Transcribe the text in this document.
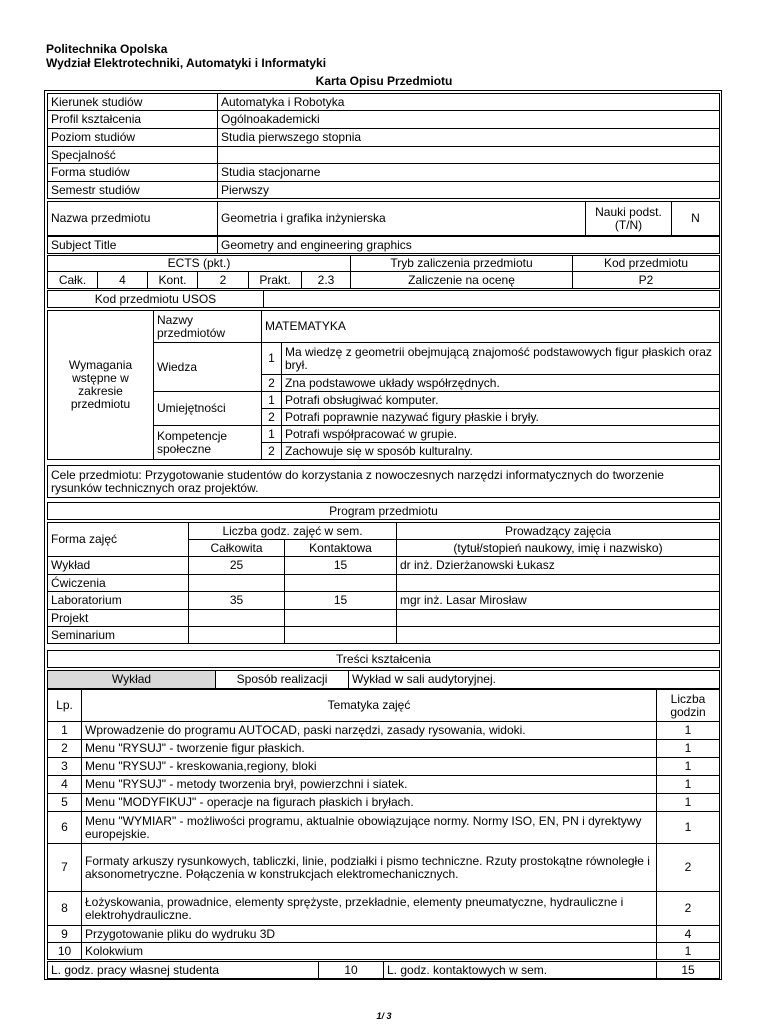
Politechnika Opolska
Wydział Elektrotechniki, Automatyki i Informatyki
Karta Opisu Przedmiotu
Kierunek studiów	Automatyka i Robotyka
Profil kształcenia	Ogólnoakademicki
Poziom studiów	Studia pierwszego stopnia
Specjalność	
Forma studiów	Studia stacjonarne
Semestr studiów	Pierwszy
Nazwa przedmiotu	Geometria i grafika inżynierska	Nauki podst. (T/N)	N
Subject Title	Geometry and engineering graphics
ECTS (pkt.)						Tryb zaliczenia przedmiotu	Kod przedmiotu
Całk.	4	Kont.	2	Prakt.	2.3	Zaliczenie na ocenę	P2
Kod przedmiotu USOS	
Wymagania wstępne w zakresie przedmiotu	Nazwy przedmiotów	MATEMATYKA	
	Wiedza	1	Ma wiedzę z geometrii obejmującą znajomość podstawowych figur płaskich oraz brył.
		2	Zna podstawowe układy współrzędnych.
	Umiejętności	1	Potrafi obsługiwać komputer.
		2	Potrafi poprawnie nazywać figury płaskie i bryły.
	Kompetencje społeczne	1	Potrafi współpracować w grupie.
		2	Zachowuje się w sposób kulturalny.
Cele przedmiotu: Przygotowanie studentów do korzystania z nowoczesnych narzędzi informatycznych do tworzenie rysunków technicznych oraz projektów.
Program przedmiotu
Forma zajęć	Liczba godz. zajęć w sem.		Prowadzący zajęcia
	Całkowita	Kontaktowa	(tytuł/stopień naukowy, imię i nazwisko)
Wykład	25	15	dr inż. Dzierżanowski Łukasz
Ćwiczenia			
Laboratorium	35	15	mgr inż. Lasar Mirosław
Projekt			
Seminarium			
Treści kształcenia
Wykład	Sposób realizacji	Wykład w sali audytoryjnej.
Lp.	Tematyka zajęć	Liczba godzin
1	Wprowadzenie do programu AUTOCAD, paski narzędzi, zasady rysowania, widoki.	1
2	Menu "RYSUJ" - tworzenie figur płaskich.	1
3	Menu "RYSUJ" - kreskowania,regiony, bloki	1
4	Menu "RYSUJ" - metody tworzenia brył, powierzchni i siatek.	1
5	Menu "MODYFIKUJ" - operacje na figurach płaskich i bryłach.	1
6	Menu "WYMIAR" - możliwości programu, aktualnie obowiązujące normy. Normy ISO, EN, PN i dyrektywy europejskie.	1
7	Formaty arkuszy rysunkowych, tabliczki, linie, podziałki i pismo techniczne. Rzuty prostokątne równoległe i aksonometryczne. Połączenia w konstrukcjach elektromechanicznych.	2
8	Łożyskowania, prowadnice, elementy sprężyste, przekładnie, elementy pneumatyczne, hydrauliczne i elektrohydrauliczne.	2
9	Przygotowanie pliku do wydruku 3D	4
10	Kolokwium	1
L. godz. pracy własnej studenta	10	L. godz. kontaktowych w sem.	15
1/ 3
